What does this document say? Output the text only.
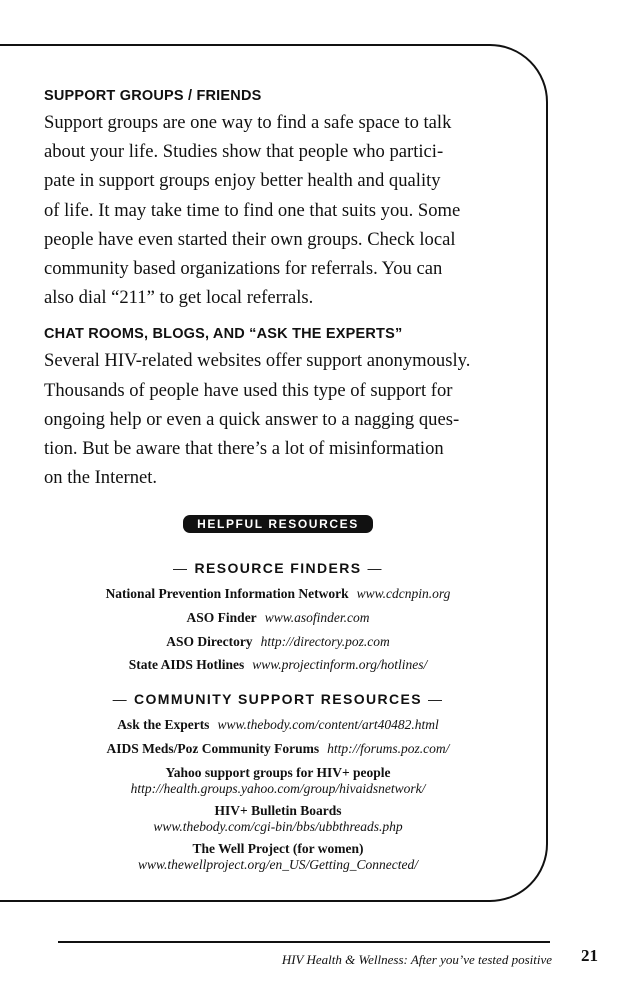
SUPPORT GROUPS / FRIENDS

Support groups are one way to find a safe space to talk
about your life. Studies show that people who partici-
pate in support groups enjoy better health and quality
of life. It may take time to find one that suits you. Some
people have even started their own groups. Check local
community based organizations for referrals. You can
also dial “211” to get local referrals.

CHAT ROOMS, BLOGS, AND “ASK THE EXPERTS”

Several HIV-related websites offer support anonymously.
Thousands of people have used this type of support for
ongoing help or even a quick answer to a nagging ques-
tion. But be aware that there’s a lot of misinformation
on the Internet.

HELPFUL RESOURCES
— RESOURCE FINDERS —
National Prevention Information Network www.cdcnpin.org
ASO Finder www.asofinder.com
ASO Directory http://directory.poz.com
State AIDS Hotlines www.projectinform.org/hotlines/
— COMMUNITY SUPPORT RESOURCES —
Ask the Experts www.thebody.com/content/art40482.html
AIDS Meds/Poz Community Forums http://forums.poz.com/
Yahoo support groups for HIV+ people
http://health.groups.yahoo.com/group/hivaidsnetwork/
HIV+ Bulletin Boards
www.thebody.com/cgi-bin/bbs/ubbthreads.php
The Well Project (for women)
www.thewellproject.org/en_US/Getting_Connected/
HIV Health & Wellness: After you’ve tested positive 21
